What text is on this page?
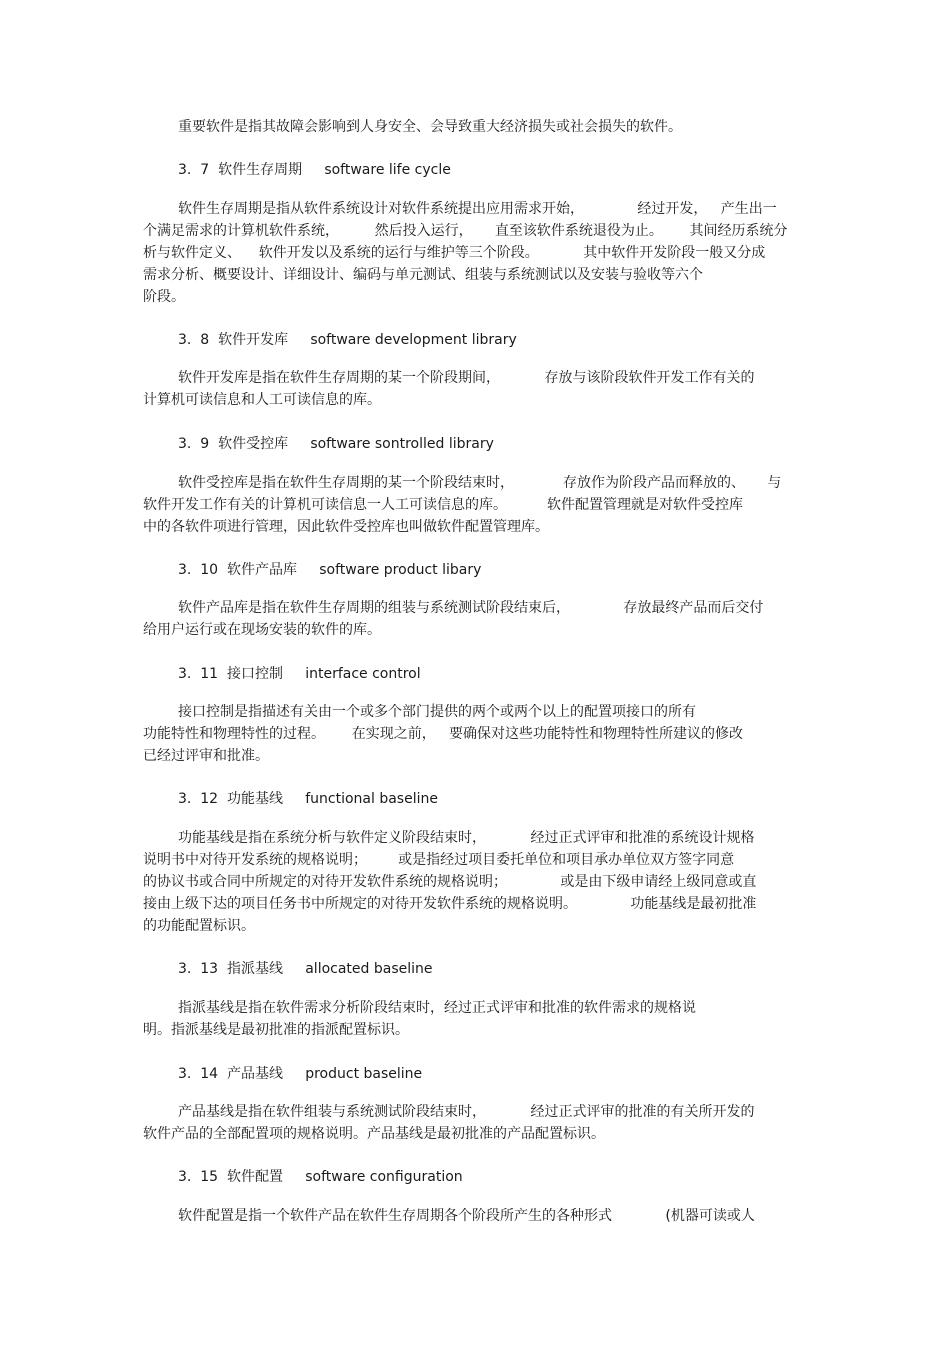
重要软件是指其故障会影响到人身安全、会导致重大经济损失或社会损失的软件。
3.  7  软件生存周期     software life cycle
软件生存周期是指从软件系统设计对软件系统提出应用需求开始，            经过开发，   产生出一
个满足需求的计算机软件系统，        然后投入运行，     直至该软件系统退役为止。      其间经历系统分
析与软件定义、    软件开发以及系统的运行与维护等三个阶段。          其中软件开发阶段一般又分成
需求分析、概要设计、详细设计、编码与单元测试、组装与系统测试以及安装与验收等六个
阶段。
3.  8  软件开发库     software development library
软件开发库是指在软件生存周期的某一个阶段期间，          存放与该阶段软件开发工作有关的
计算机可读信息和人工可读信息的库。
3.  9  软件受控库     software sontrolled library
软件受控库是指在软件生存周期的某一个阶段结束时，           存放作为阶段产品而释放的、     与
软件开发工作有关的计算机可读信息一人工可读信息的库。         软件配置管理就是对软件受控库
中的各软件项进行管理，因此软件受控库也叫做软件配置管理库。
3.  10  软件产品库     software product libary
软件产品库是指在软件生存周期的组装与系统测试阶段结束后，            存放最终产品而后交付
给用户运行或在现场安装的软件的库。
3.  11  接口控制     interface control
接口控制是指描述有关由一个或多个部门提供的两个或两个以上的配置项接口的所有
功能特性和物理特性的过程。      在实现之前，   要确保对这些功能特性和物理特性所建议的修改
已经过评审和批准。
3.  12  功能基线     functional baseline
功能基线是指在系统分析与软件定义阶段结束时，          经过正式评审和批准的系统设计规格
说明书中对待开发系统的规格说明；       或是指经过项目委托单位和项目承办单位双方签字同意
的协议书或合同中所规定的对待开发软件系统的规格说明；            或是由下级申请经上级同意或直
接由上级下达的项目任务书中所规定的对待开发软件系统的规格说明。            功能基线是最初批准
的功能配置标识。
3.  13  指派基线     allocated baseline
指派基线是指在软件需求分析阶段结束时，经过正式评审和批准的软件需求的规格说
明。指派基线是最初批准的指派配置标识。
3.  14  产品基线     product baseline
产品基线是指在软件组装与系统测试阶段结束时，          经过正式评审的批准的有关所开发的
软件产品的全部配置项的规格说明。产品基线是最初批准的产品配置标识。
3.  15  软件配置     software configuration
软件配置是指一个软件产品在软件生存周期各个阶段所产生的各种形式            (机器可读或人
